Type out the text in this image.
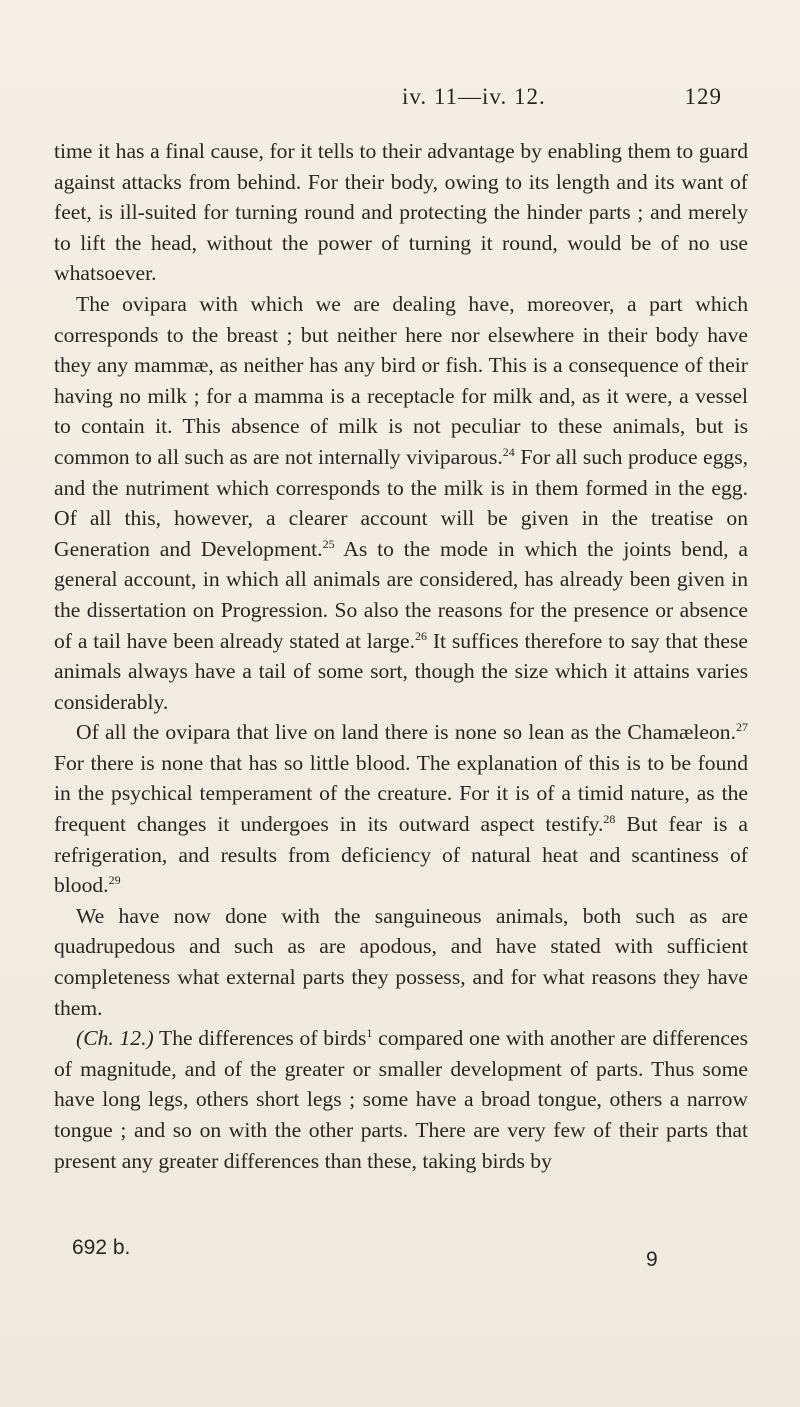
iv. 11—iv. 12.	129

time it has a final cause, for it tells to their advantage by enabling them to guard against attacks from behind. For their body, owing to its length and its want of feet, is ill-suited for turning round and protecting the hinder parts ; and merely to lift the head, without the power of turning it round, would be of no use whatsoever.

The ovipara with which we are dealing have, moreover, a part which corresponds to the breast ; but neither here nor elsewhere in their body have they any mammæ, as neither has any bird or fish. This is a consequence of their having no milk ; for a mamma is a receptacle for milk and, as it were, a vessel to contain it. This absence of milk is not peculiar to these animals, but is common to all such as are not internally viviparous.$^{24}$ For all such produce eggs, and the nutriment which corresponds to the milk is in them formed in the egg. Of all this, however, a clearer account will be given in the treatise on Generation and Development.$^{25}$ As to the mode in which the joints bend, a general account, in which all animals are considered, has already been given in the dissertation on Progression. So also the reasons for the presence or absence of a tail have been already stated at large.$^{26}$ It suffices therefore to say that these animals always have a tail of some sort, though the size which it attains varies considerably.

Of all the ovipara that live on land there is none so lean as the Chamæleon.$^{27}$ For there is none that has so little blood. The explanation of this is to be found in the psychical temperament of the creature. For it is of a timid nature, as the frequent changes it undergoes in its outward aspect testify.$^{28}$ But fear is a refrigeration, and results from deficiency of natural heat and scantiness of blood.$^{29}$

We have now done with the sanguineous animals, both such as are quadrupedous and such as are apodous, and have stated with sufficient completeness what external parts they possess, and for what reasons they have them.

(Ch. 12.) The differences of birds$^1$ compared one with another are differences of magnitude, and of the greater or smaller development of parts. Thus some have long legs, others short legs ; some have a broad tongue, others a narrow tongue ; and so on with the other parts. There are very few of their parts that present any greater differences than these, taking birds by

692 b.
9
